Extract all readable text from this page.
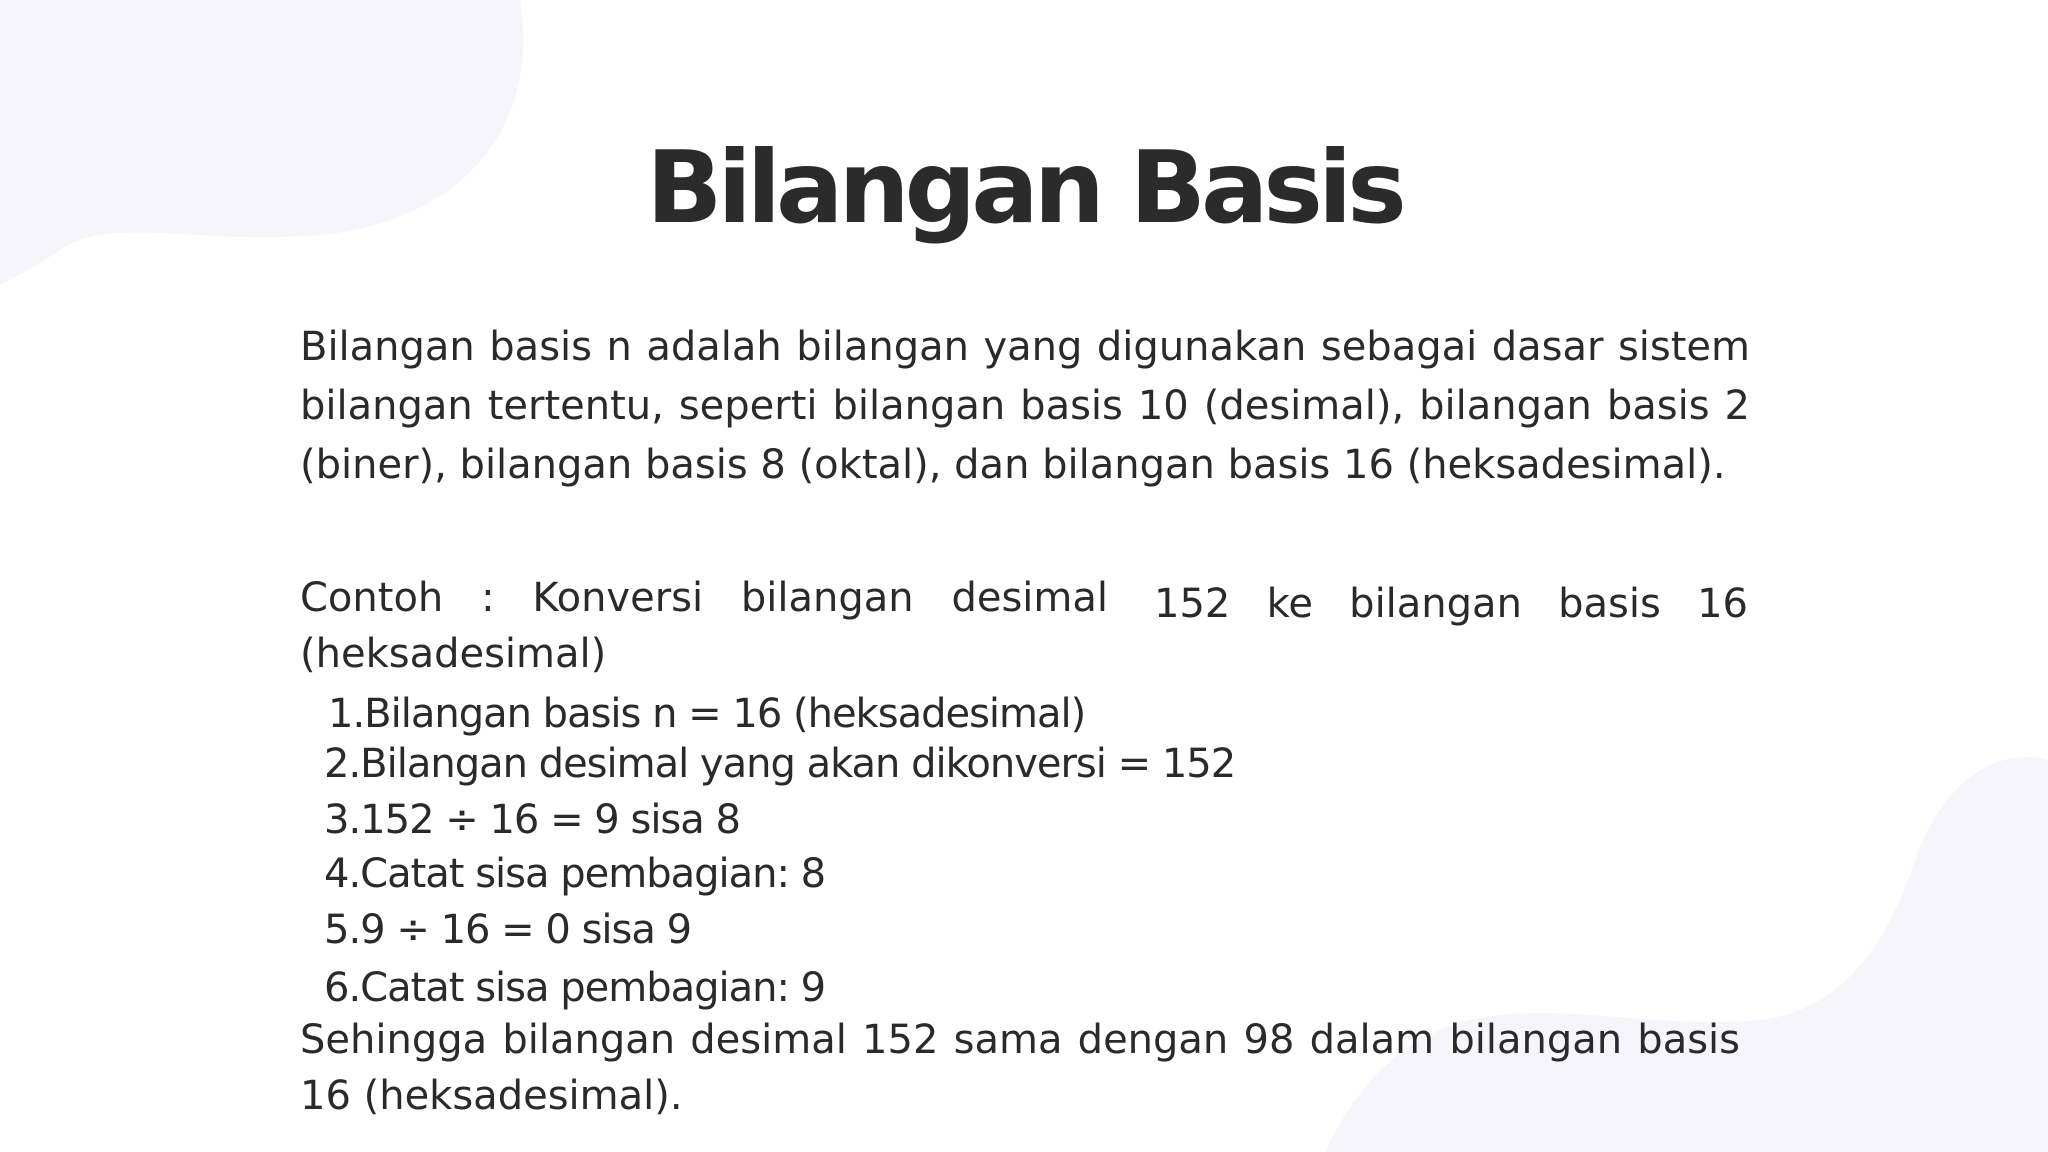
Bilangan Basis
Bilangan basis n adalah bilangan yang digunakan sebagai dasar sistem bilangan tertentu, seperti bilangan basis 10 (desimal), bilangan basis 2 (biner), bilangan basis 8 (oktal), dan bilangan basis 16 (heksadesimal).
Contoh : Konversi bilangan desimal 152 ke bilangan basis 16
(heksadesimal)
1.Bilangan basis n = 16 (heksadesimal)
2.Bilangan desimal yang akan dikonversi = 152
3.152 ÷ 16 = 9 sisa 8
4.Catat sisa pembagian: 8
5.9 ÷ 16 = 0 sisa 9
6.Catat sisa pembagian: 9
Sehingga bilangan desimal 152 sama dengan 98 dalam bilangan basis 16 (heksadesimal).
